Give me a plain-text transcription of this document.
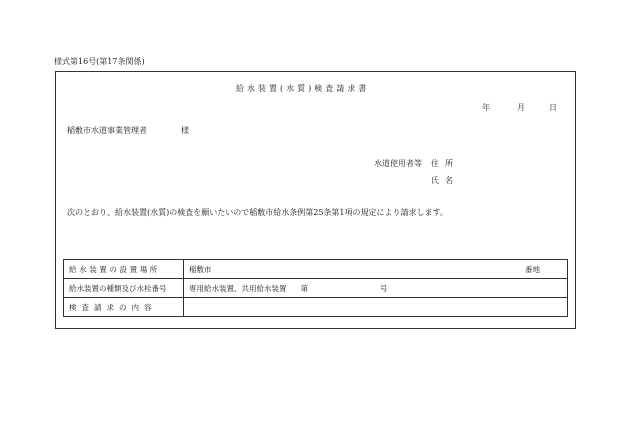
様式第16号(第17条関係)
給水装置(水質)検査請求書
年	月	日
稲敷市水道事業管理者	様
水道使用者等 住所
氏名
次のとおり、給水装置(水質)の検査を願いたいので稲敷市給水条例第25条第1項の規定により請求します。
給水装置の設置場所	稲敷市 番地

給水装置の種類及び水栓番号	専用給水装置、共用給水装置 第 号
検査請求の内容	
